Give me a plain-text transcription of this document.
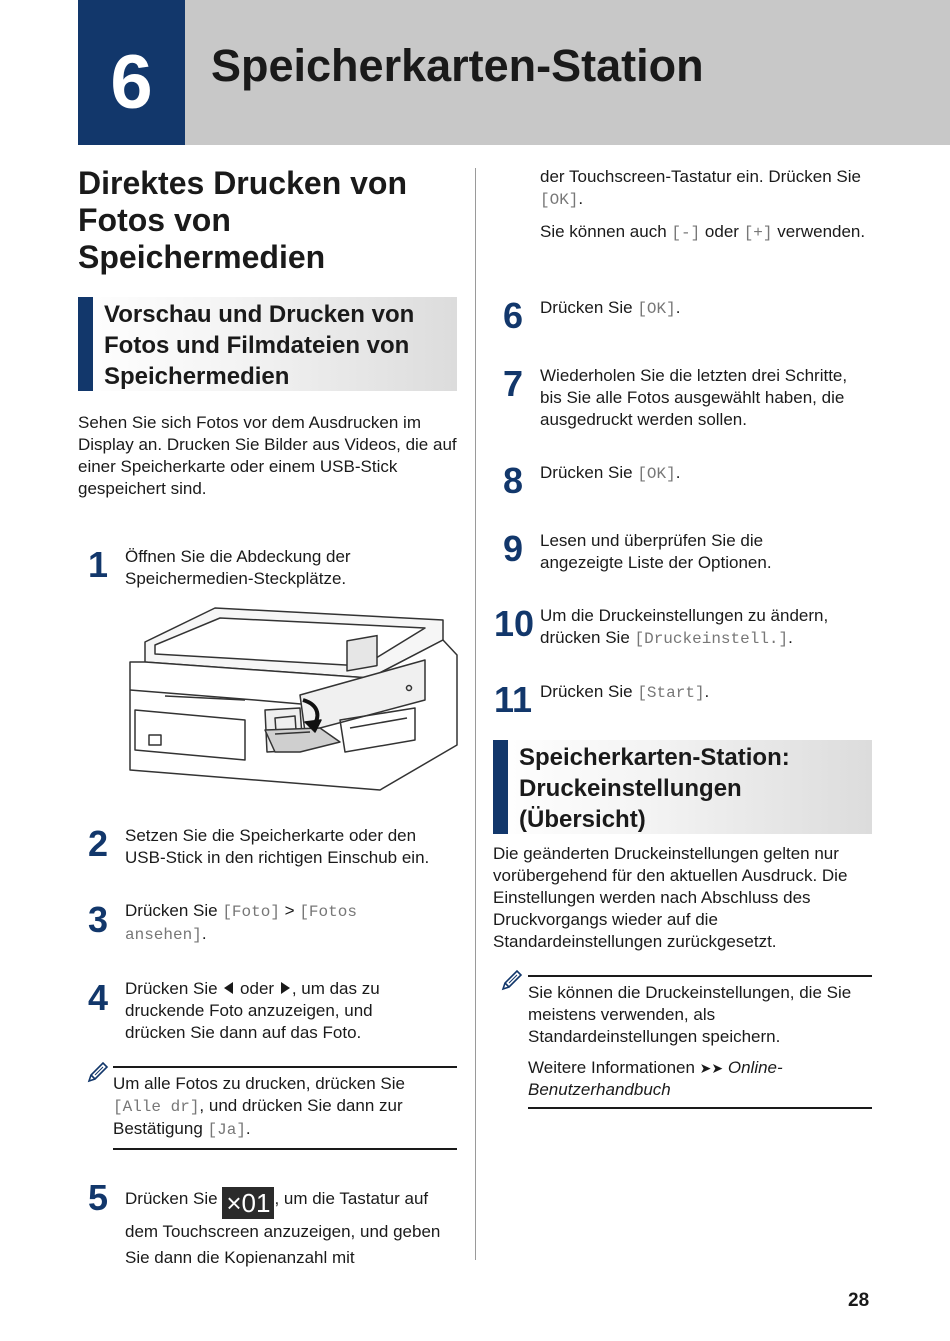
6 Speicherkarten-Station
Direktes Drucken von Fotos von Speichermedien
Vorschau und Drucken von Fotos und Filmdateien von Speichermedien
Sehen Sie sich Fotos vor dem Ausdrucken im Display an. Drucken Sie Bilder aus Videos, die auf einer Speicherkarte oder einem USB-Stick gespeichert sind.
1 Öffnen Sie die Abdeckung der Speichermedien-Steckplätze.
2 Setzen Sie die Speicherkarte oder den USB-Stick in den richtigen Einschub ein.
3 Drücken Sie [Foto] > [Fotos ansehen].
4 Drücken Sie  oder , um das zu druckende Foto anzuzeigen, und drücken Sie dann auf das Foto.
Um alle Fotos zu drucken, drücken Sie [Alle dr], und drücken Sie dann zur Bestätigung [Ja].
5 Drücken Sie ×01 , um die Tastatur auf dem Touchscreen anzuzeigen, und geben Sie dann die Kopienanzahl mit
der Touchscreen-Tastatur ein. Drücken Sie [OK].
Sie können auch [-] oder [+] verwenden.
6 Drücken Sie [OK].
7 Wiederholen Sie die letzten drei Schritte, bis Sie alle Fotos ausgewählt haben, die ausgedruckt werden sollen.
8 Drücken Sie [OK].
9 Lesen und überprüfen Sie die angezeigte Liste der Optionen.
10 Um die Druckeinstellungen zu ändern, drücken Sie [Druckeinstell.].
11 Drücken Sie [Start].
Speicherkarten-Station: Druckeinstellungen (Übersicht)
Die geänderten Druckeinstellungen gelten nur vorübergehend für den aktuellen Ausdruck. Die Einstellungen werden nach Abschluss des Druckvorgangs wieder auf die Standardeinstellungen zurückgesetzt.
Sie können die Druckeinstellungen, die Sie meistens verwenden, als Standardeinstellungen speichern.
Weitere Informationen ➤➤ Online-Benutzerhandbuch
28
